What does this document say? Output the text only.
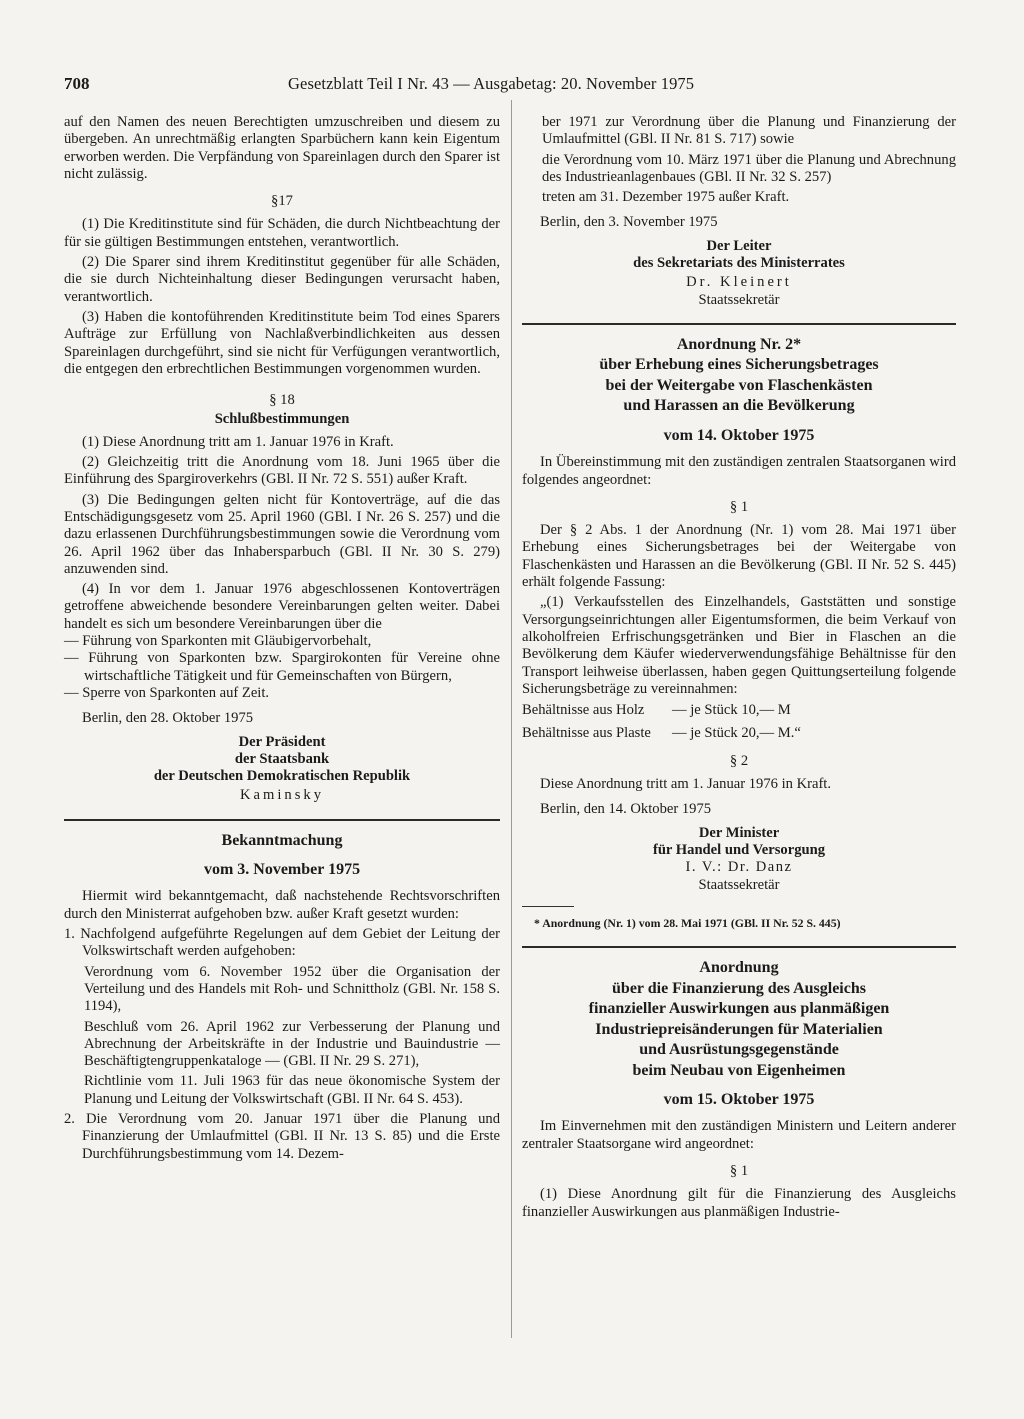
708	Gesetzblatt Teil I Nr. 43 — Ausgabetag: 20. November 1975

auf den Namen des neuen Berechtigten umzuschreiben und diesem zu übergeben. An unrechtmäßig erlangten Sparbüchern kann kein Eigentum erworben werden. Die Verpfändung von Spareinlagen durch den Sparer ist nicht zulässig.

§17

(1) Die Kreditinstitute sind für Schäden, die durch Nichtbeachtung der für sie gültigen Bestimmungen entstehen, verantwortlich.

(2) Die Sparer sind ihrem Kreditinstitut gegenüber für alle Schäden, die sie durch Nichteinhaltung dieser Bedingungen verursacht haben, verantwortlich.

(3) Haben die kontoführenden Kreditinstitute beim Tod eines Sparers Aufträge zur Erfüllung von Nachlaßverbindlichkeiten aus dessen Spareinlagen durchgeführt, sind sie nicht für Verfügungen verantwortlich, die entgegen den erbrechtlichen Bestimmungen vorgenommen wurden.

§ 18
Schlußbestimmungen

(1) Diese Anordnung tritt am 1. Januar 1976 in Kraft.

(2) Gleichzeitig tritt die Anordnung vom 18. Juni 1965 über die Einführung des Spargiroverkehrs (GBl. II Nr. 72 S. 551) außer Kraft.

(3) Die Bedingungen gelten nicht für Kontoverträge, auf die das Entschädigungsgesetz vom 25. April 1960 (GBl. I Nr. 26 S. 257) und die dazu erlassenen Durchführungsbestimmungen sowie die Verordnung vom 26. April 1962 über das Inhabersparbuch (GBl. II Nr. 30 S. 279) anzuwenden sind.

(4) In vor dem 1. Januar 1976 abgeschlossenen Kontoverträgen getroffene abweichende besondere Vereinbarungen gelten weiter. Dabei handelt es sich um besondere Vereinbarungen über die

— Führung von Sparkonten mit Gläubigervorbehalt,

— Führung von Sparkonten bzw. Spargirokonten für Vereine ohne wirtschaftliche Tätigkeit und für Gemeinschaften von Bürgern,

— Sperre von Sparkonten auf Zeit.

Berlin, den 28. Oktober 1975

Der Präsident
der Staatsbank
der Deutschen Demokratischen Republik
Kaminsky
Bekanntmachung
vom 3. November 1975

Hiermit wird bekanntgemacht, daß nachstehende Rechtsvorschriften durch den Ministerrat aufgehoben bzw. außer Kraft gesetzt wurden:

1. Nachfolgend aufgeführte Regelungen auf dem Gebiet der Leitung der Volkswirtschaft werden aufgehoben:

Verordnung vom 6. November 1952 über die Organisation der Verteilung und des Handels mit Roh- und Schnittholz (GBl. Nr. 158 S. 1194),

Beschluß vom 26. April 1962 zur Verbesserung der Planung und Abrechnung der Arbeitskräfte in der Industrie und Bauindustrie — Beschäftigtengruppenkataloge — (GBl. II Nr. 29 S. 271),

Richtlinie vom 11. Juli 1963 für das neue ökonomische System der Planung und Leitung der Volkswirtschaft (GBl. II Nr. 64 S. 453).

2. Die Verordnung vom 20. Januar 1971 über die Planung und Finanzierung der Umlaufmittel (GBl. II Nr. 13 S. 85) und die Erste Durchführungsbestimmung vom 14. Dezem-

ber 1971 zur Verordnung über die Planung und Finanzierung der Umlaufmittel (GBl. II Nr. 81 S. 717) sowie

die Verordnung vom 10. März 1971 über die Planung und Abrechnung des Industrieanlagenbaues (GBl. II Nr. 32 S. 257)

treten am 31. Dezember 1975 außer Kraft.

Berlin, den 3. November 1975

Der Leiter
des Sekretariats des Ministerrates
Dr. Kleinert
Staatssekretär
Anordnung Nr. 2*
über Erhebung eines Sicherungsbetrages
bei der Weitergabe von Flaschenkästen
und Harassen an die Bevölkerung
vom 14. Oktober 1975

In Übereinstimmung mit den zuständigen zentralen Staatsorganen wird folgendes angeordnet:

§ 1

Der § 2 Abs. 1 der Anordnung (Nr. 1) vom 28. Mai 1971 über Erhebung eines Sicherungsbetrages bei der Weitergabe von Flaschenkästen und Harassen an die Bevölkerung (GBl. II Nr. 52 S. 445) erhält folgende Fassung:

„(1) Verkaufsstellen des Einzelhandels, Gaststätten und sonstige Versorgungseinrichtungen aller Eigentumsformen, die beim Verkauf von alkoholfreien Erfrischungsgetränken und Bier in Flaschen an die Bevölkerung dem Käufer wiederverwendungsfähige Behältnisse für den Transport leihweise überlassen, haben gegen Quittungserteilung folgende Sicherungsbeträge zu vereinnahmen:

Behältnisse aus Holz	— je Stück 10,— M
Behältnisse aus Plaste	— je Stück 20,— M.“
§ 2

Diese Anordnung tritt am 1. Januar 1976 in Kraft.

Berlin, den 14. Oktober 1975

Der Minister
für Handel und Versorgung
I. V.: Dr. Danz
Staatssekretär
* Anordnung (Nr. 1) vom 28. Mai 1971 (GBl. II Nr. 52 S. 445)
Anordnung
über die Finanzierung des Ausgleichs
finanzieller Auswirkungen aus planmäßigen
Industriepreisänderungen für Materialien
und Ausrüstungsgegenstände
beim Neubau von Eigenheimen
vom 15. Oktober 1975

Im Einvernehmen mit den zuständigen Ministern und Leitern anderer zentraler Staatsorgane wird angeordnet:

§ 1

(1) Diese Anordnung gilt für die Finanzierung des Ausgleichs finanzieller Auswirkungen aus planmäßigen Industrie-
